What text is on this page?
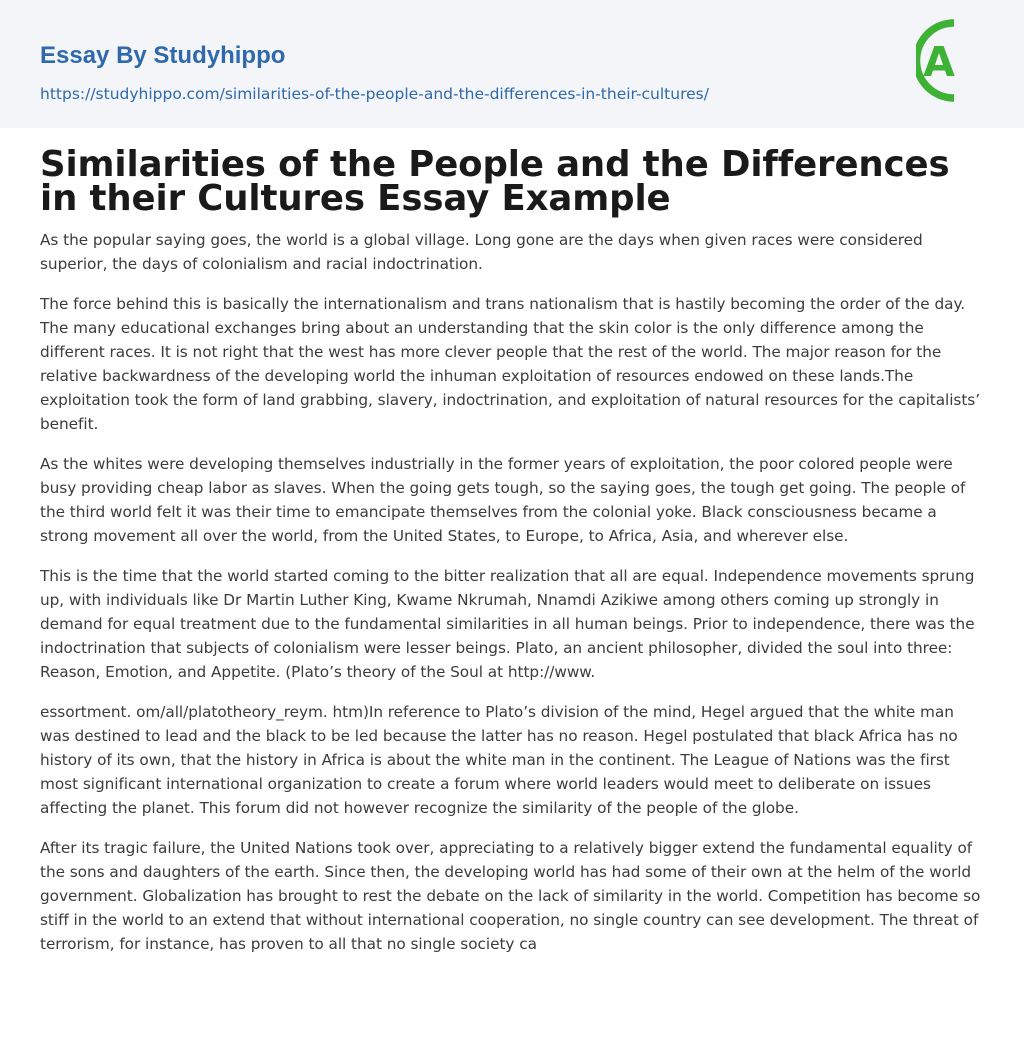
Essay By Studyhippo
https://studyhippo.com/similarities-of-the-people-and-the-differences-in-their-cultures/
A
Similarities of the People and the Differences in their Cultures Essay Example

As the popular saying goes, the world is a global village. Long gone are the days when given races were considered superior, the days of colonialism and racial indoctrination.

The force behind this is basically the internationalism and trans nationalism that is hastily becoming the order of the day. The many educational exchanges bring about an understanding that the skin color is the only difference among the different races. It is not right that the west has more clever people that the rest of the world. The major reason for the relative backwardness of the developing world the inhuman exploitation of resources endowed on these lands.The exploitation took the form of land grabbing, slavery, indoctrination, and exploitation of natural resources for the capitalists’ benefit.

As the whites were developing themselves industrially in the former years of exploitation, the poor colored people were busy providing cheap labor as slaves. When the going gets tough, so the saying goes, the tough get going. The people of the third world felt it was their time to emancipate themselves from the colonial yoke. Black consciousness became a strong movement all over the world, from the United States, to Europe, to Africa, Asia, and wherever else.

This is the time that the world started coming to the bitter realization that all are equal. Independence movements sprung up, with individuals like Dr Martin Luther King, Kwame Nkrumah, Nnamdi Azikiwe among others coming up strongly in demand for equal treatment due to the fundamental similarities in all human beings. Prior to independence, there was the indoctrination that subjects of colonialism were lesser beings. Plato, an ancient philosopher, divided the soul into three: Reason, Emotion, and Appetite. (Plato’s theory of the Soul at http://www.

essortment. om/all/platotheory_reym. htm)In reference to Plato’s division of the mind, Hegel argued that the white man was destined to lead and the black to be led because the latter has no reason. Hegel postulated that black Africa has no history of its own, that the history in Africa is about the white man in the continent. The League of Nations was the first most significant international organization to create a forum where world leaders would meet to deliberate on issues affecting the planet. This forum did not however recognize the similarity of the people of the globe.

After its tragic failure, the United Nations took over, appreciating to a relatively bigger extend the fundamental equality of the sons and daughters of the earth. Since then, the developing world has had some of their own at the helm of the world government. Globalization has brought to rest the debate on the lack of similarity in the world. Competition has become so stiff in the world to an extend that without international cooperation, no single country can see development. The threat of terrorism, for instance, has proven to all that no single society ca
